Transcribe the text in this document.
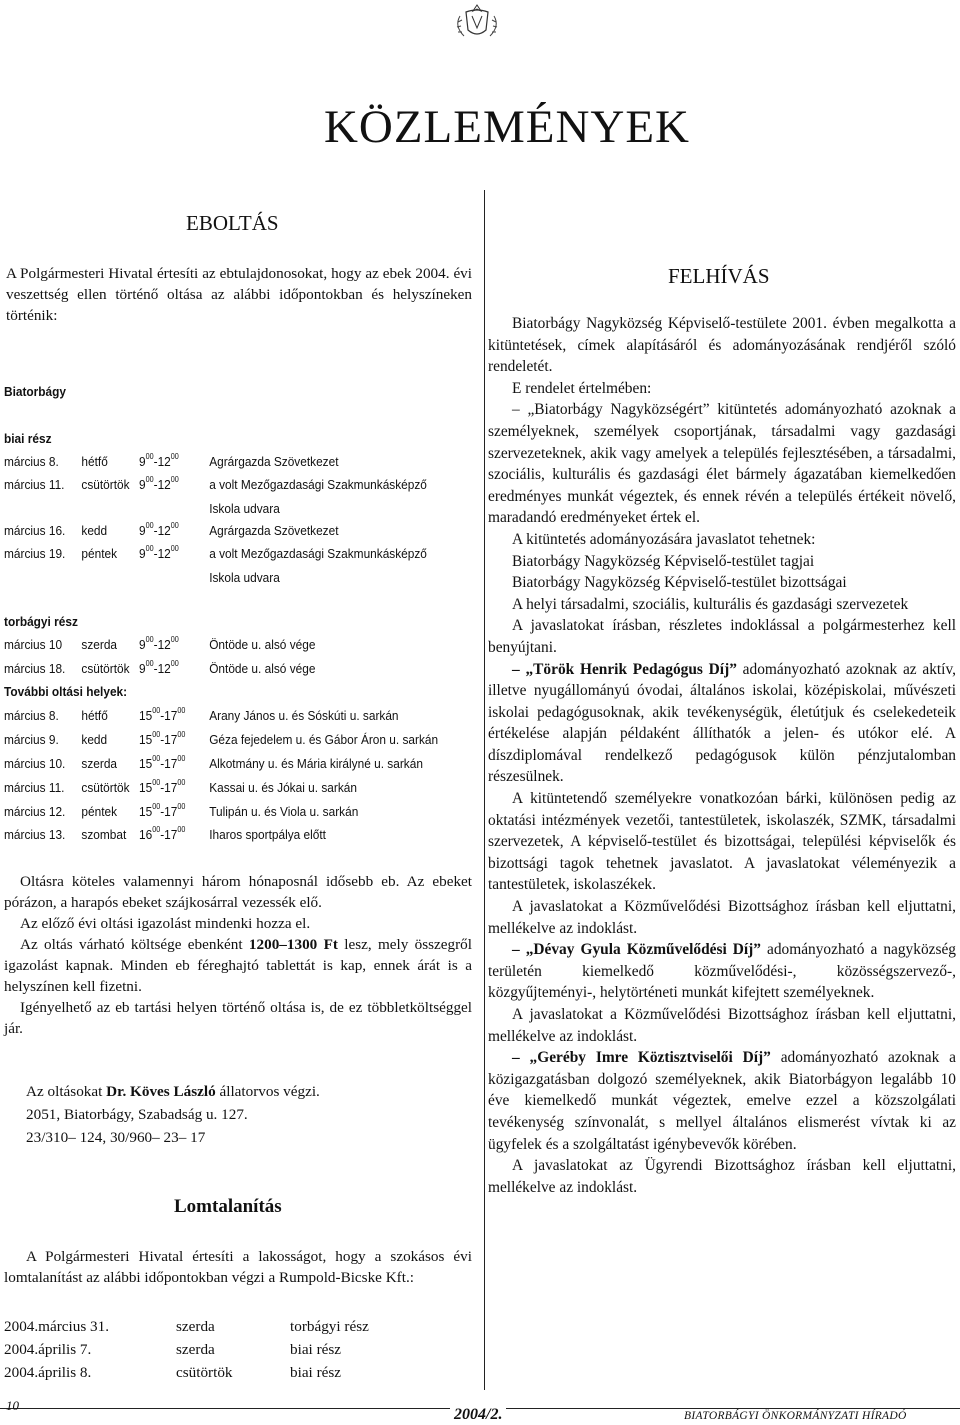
KÖZLEMÉNYEK
EBOLTÁS

A Polgármesteri Hivatal értesíti az ebtulajdonosokat, hogy az ebek 2004. évi veszettség ellen történő oltása az alábbi időpontokban és helyszíneken történik:

Biatorbágy
biai rész
március 8. hétfő $9^{00}-12^{00}$ Agrárgazda Szövetkezet
március 11. csütörtök $9^{00}-12^{00}$ a volt Mezőgazdasági Szakmunkásképző
Iskola udvara
március 16. kedd $9^{00}-12^{00}$ Agrárgazda Szövetkezet
március 19. péntek $9^{00}-12^{00}$ a volt Mezőgazdasági Szakmunkásképző
Iskola udvara
torbágyi rész
március 10 szerda $9^{00}-12^{00}$ Öntöde u. alsó vége
március 18. csütörtök $9^{00}-12^{00}$ Öntöde u. alsó vége
További oltási helyek:
március 8. hétfő $15^{00}-17^{00}$ Arany János u. és Sóskúti u. sarkán
március 9. kedd $15^{00}-17^{00}$ Géza fejedelem u. és Gábor Áron u. sarkán
március 10. szerda $15^{00}-17^{00}$ Alkotmány u. és Mária királyné u. sarkán
március 11. csütörtök $15^{00}-17^{00}$ Kassai u. és Jókai u. sarkán
március 12. péntek $15^{00}-17^{00}$ Tulipán u. és Viola u. sarkán
március 13. szombat $16^{00}-17^{00}$ Iharos sportpálya előtt

Oltásra köteles valamennyi három hónaposnál idősebb eb. Az ebeket pórázon, a harapós ebeket szájkosárral vezessék elő.

Az előző évi oltási igazolást mindenki hozza el.

Az oltás várható költsége ebenként 1200–1300 Ft lesz, mely összegről igazolást kapnak. Minden eb féreghajtó tablettát is kap, ennek árát is a helyszínen kell fizetni.

Igényelhető az eb tartási helyen történő oltása is, de ez többletköltséggel jár.

Az oltásokat Dr. Köves László állatorvos végzi.
2051, Biatorbágy, Szabadság u. 127.
23/310– 124, 30/960– 23– 17
Lomtalanítás

A Polgármesteri Hivatal értesíti a lakosságot, hogy a szokásos évi lomtalanítást az alábbi időpontokban végzi a Rumpold-Bicske Kft.:

2004.március 31.	szerda	torbágyi rész
2004.április 7.	szerda	biai rész
2004.április 8.	csütörtök	biai rész
FELHÍVÁS

Biatorbágy Nagyközség Képviselő-testülete 2001. évben megalkotta a kitüntetések, címek alapításáról és adományozásának rendjéről szóló rendeletét.

E rendelet értelmében:

– „Biatorbágy Nagyközségért” kitüntetés adományozható azoknak a személyeknek, személyek csoportjának, társadalmi vagy gazdasági szervezeteknek, akik vagy amelyek a település fejlesztésében, a társadalmi, szociális, kulturális és gazdasági élet bármely ágazatában kiemelkedően eredményes munkát végeztek, és ennek révén a település értékeit növelő, maradandó eredményeket értek el.

A kitüntetés adományozására javaslatot tehetnek:

Biatorbágy Nagyközség Képviselő-testület tagjai

Biatorbágy Nagyközség Képviselő-testület bizottságai

A helyi társadalmi, szociális, kulturális és gazdasági szervezetek

A javaslatokat írásban, részletes indoklással a polgármesterhez kell benyújtani.

– „Török Henrik Pedagógus Díj” adományozható azoknak az aktív, illetve nyugállományú óvodai, általános iskolai, középiskolai, művészeti iskolai pedagógusoknak, akik tevékenységük, életútjuk és cselekedeteik értékelése alapján példaként állíthatók a jelen- és utókor elé. A díszdiplomával rendelkező pedagógusok külön pénzjutalomban részesülnek.

A kitüntetendő személyekre vonatkozóan bárki, különösen pedig az oktatási intézmények vezetői, tantestületek, iskolaszék, SZMK, társadalmi szervezetek, A képviselő-testület és bizottságai, települési képviselők és bizottsági tagok tehetnek javaslatot. A javaslatokat véleményezik a tantestületek, iskolaszékek.

A javaslatokat a Közművelődési Bizottsághoz írásban kell eljuttatni, mellékelve az indoklást.

– „Dévay Gyula Közművelődési Díj” adományozható a nagyközség területén kiemelkedő közművelődési-, közösségszervező-, közgyűjteményi-, helytörténeti munkát kifejtett személyeknek.

A javaslatokat a Közművelődési Bizottsághoz írásban kell eljuttatni, mellékelve az indoklást.

– „Geréby Imre Köztisztviselői Díj” adományozható azoknak a közigazgatásban dolgozó személyeknek, akik Biatorbágyon legalább 10 éve kiemelkedő munkát végeztek, emelve ezzel a közszolgálati tevékenység színvonalát, s mellyel általános elismerést vívtak ki az ügyfelek és a szolgáltatást igénybevevők körében.

A javaslatokat az Ügyrendi Bizottsághoz írásban kell eljuttatni, mellékelve az indoklást.

10
2004/2.	BIATORBÁGYI ÖNKORMÁNYZATI HÍRADÓ
